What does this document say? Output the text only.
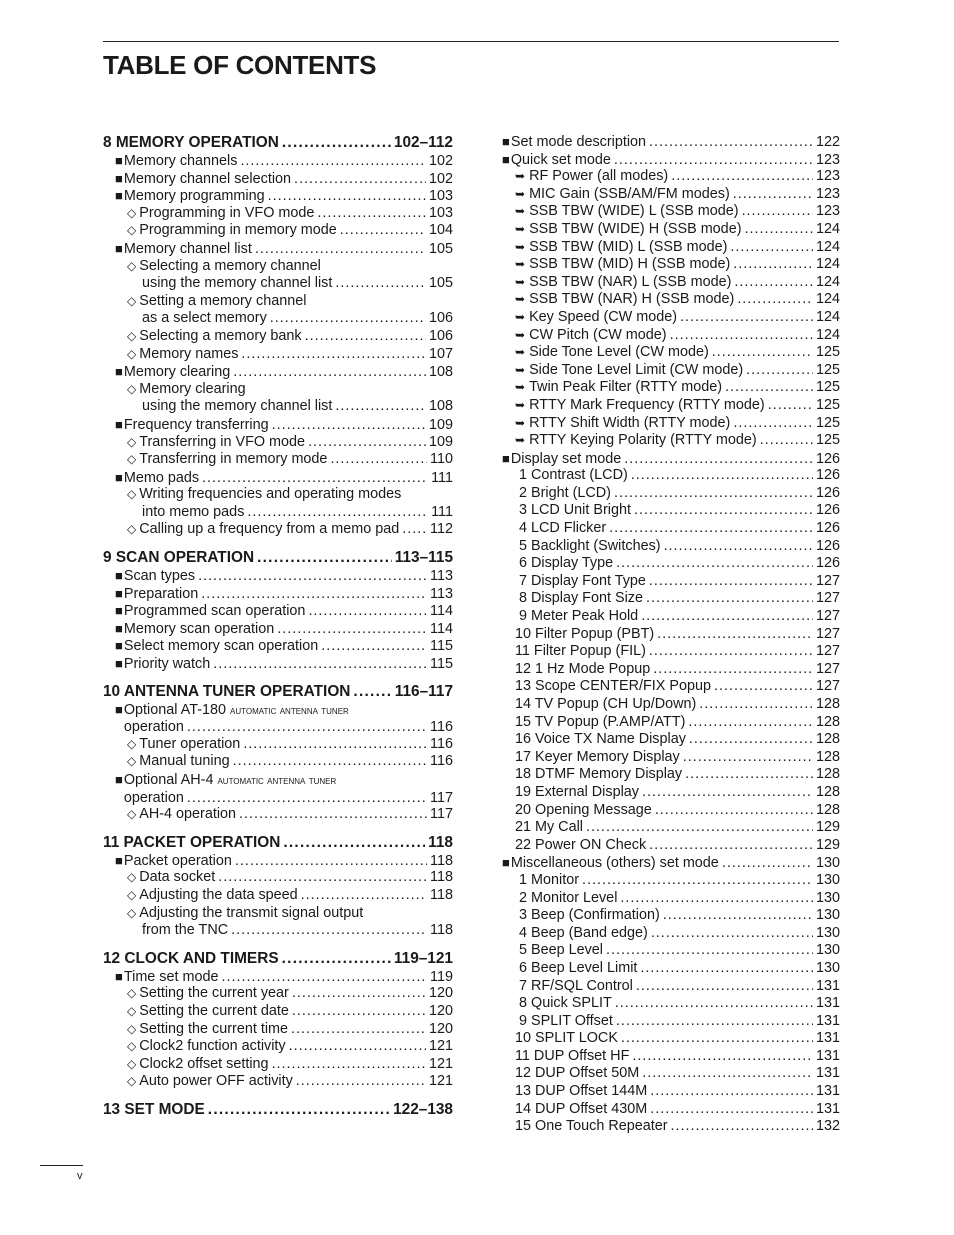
TABLE OF CONTENTS
8 MEMORY OPERATION . . .	102–112
■ Memory channels . . .	102
■ Memory channel selection . . .	102
■ Memory programming . . .	103
◇ Programming in VFO mode . . .	103
◇ Programming in memory mode . . .	104
■ Memory channel list . . .	105
◇ Selecting a memory channel
using the memory channel list . . .	105
◇ Setting a memory channel
as a select memory . . .	106
◇ Selecting a memory bank . . .	106
◇ Memory names . . .	107
■ Memory clearing . . .	108
◇ Memory clearing
using the memory channel list . . .	108
■ Frequency transferring . . .	109
◇ Transferring in VFO mode . . .	109
◇ Transferring in memory mode . . .	110
■ Memo pads . . .	111
◇ Writing frequencies and operating modes
into memo pads . . .	111
◇ Calling up a frequency from a memo pad . . . 112
9 SCAN OPERATION . . .	113–115
■ Scan types . . .	113
■ Preparation . . .	113
■ Programmed scan operation . . .	114
■ Memory scan operation . . .	114
■ Select memory scan operation . . .	115
■ Priority watch . . .	115
10 ANTENNA TUNER OPERATION . . .	116–117
■Optional AT-180 automatic antenna tuner
operation . . .	116
◇ Tuner operation . . .	116
◇ Manual tuning . . .	116
■Optional AH-4 automatic antenna tuner
operation . . .	117
◇ AH-4 operation . . .	117
11 PACKET OPERATION . . .	118
■ Packet operation . . .	118
◇ Data socket . . .	118
◇ Adjusting the data speed . . .	118
◇ Adjusting the transmit signal output
from the TNC . . .	118
12 CLOCK AND TIMERS . . .	119–121
■ Time set mode . . .	119
◇ Setting the current year . . .	120
◇ Setting the current date . . .	120
◇ Setting the current time . . .	120
◇ Clock2 function activity . . .	121
◇ Clock2 offset setting . . .	121
◇ Auto power OFF activity . . .	121
13 SET MODE . . .	122–138
■ Set mode description . . .	122
■ Quick set mode . . .	123
➥ RF Power (all modes) . . .	123
➥ MIC Gain (SSB/AM/FM modes) . . .	123
➥ SSB TBW (WIDE) L (SSB mode) . . .	123
➥ SSB TBW (WIDE) H (SSB mode) . . .	124
➥ SSB TBW (MID) L (SSB mode) . . .	124
➥ SSB TBW (MID) H (SSB mode) . . .	124
➥ SSB TBW (NAR) L (SSB mode) . . .	124
➥ SSB TBW (NAR) H (SSB mode) . . .	124
➥ Key Speed (CW mode) . . .	124
➥ CW Pitch (CW mode) . . .	124
➥ Side Tone Level (CW mode) . . .	125
➥ Side Tone Level Limit (CW mode) . . .	125
➥ Twin Peak Filter (RTTY mode) . . .	125
➥ RTTY Mark Frequency (RTTY mode) . . .	125
➥ RTTY Shift Width (RTTY mode) . . .	125
➥ RTTY Keying Polarity (RTTY mode) . . .	125
■ Display set mode . . .	126
1 Contrast (LCD) . . .	126
2 Bright (LCD) . . .	126
3 LCD Unit Bright . . .	126
4 LCD Flicker . . .	126
5 Backlight (Switches) . . .	126
6 Display Type . . .	126
7 Display Font Type . . .	127
8 Display Font Size . . .	127
9 Meter Peak Hold . . .	127
10 Filter Popup (PBT) . . .	127
11 Filter Popup (FIL) . . .	127
12 1 Hz Mode Popup . . .	127
13 Scope CENTER/FIX Popup . . .	127
14 TV Popup (CH Up/Down) . . .	128
15 TV Popup (P.AMP/ATT) . . .	128
16 Voice TX Name Display . . .	128
17 Keyer Memory Display . . .	128
18 DTMF Memory Display . . .	128
19 External Display . . .	128
20 Opening Message . . .	128
21 My Call . . .	129
22 Power ON Check . . .	129
■ Miscellaneous (others) set mode . . .	130
1 Monitor . . .	130
2 Monitor Level . . .	130
3 Beep (Confirmation) . . .	130
4 Beep (Band edge) . . .	130
5 Beep Level . . .	130
6 Beep Level Limit . . .	130
7 RF/SQL Control . . .	131
8 Quick SPLIT . . .	131
9 SPLIT Offset . . .	131
10 SPLIT LOCK . . .	131
11 DUP Offset HF . . .	131
12 DUP Offset 50M . . .	131
13 DUP Offset 144M . . .	131
14 DUP Offset 430M . . .	131
15 One Touch Repeater . . .	132
v
